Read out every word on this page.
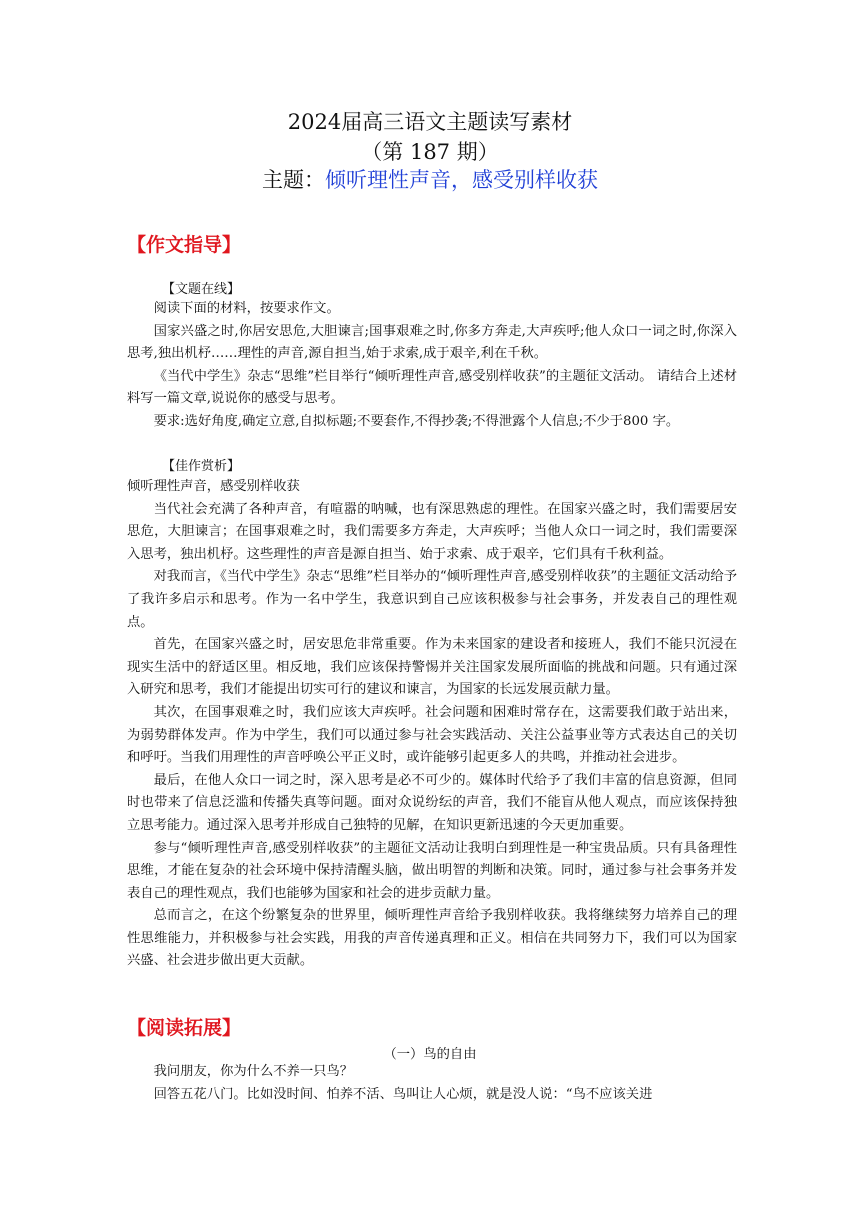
2024届高三语文主题读写素材
（第 187 期）
主题：倾听理性声音，感受别样收获
【作文指导】
【文题在线】

阅读下面的材料，按要求作文。

国家兴盛之时,你居安思危,大胆谏言;国事艰难之时,你多方奔走,大声疾呼;他人众口一词之时,你深入思考,独出机杼……理性的声音,源自担当,始于求索,成于艰辛,利在千秋。

《当代中学生》杂志“思维”栏目举行“倾听理性声音,感受别样收获”的主题征文活动。 请结合上述材料写一篇文章,说说你的感受与思考。

要求:选好角度,确定立意,自拟标题;不要套作,不得抄袭;不得泄露个人信息;不少于800 字。

【佳作赏析】

倾听理性声音，感受别样收获

当代社会充满了各种声音，有喧嚣的呐喊，也有深思熟虑的理性。在国家兴盛之时，我们需要居安思危，大胆谏言；在国事艰难之时，我们需要多方奔走，大声疾呼；当他人众口一词之时，我们需要深入思考，独出机杼。这些理性的声音是源自担当、始于求索、成于艰辛，它们具有千秋利益。

对我而言，《当代中学生》杂志“思维”栏目举办的“倾听理性声音,感受别样收获”的主题征文活动给予了我许多启示和思考。作为一名中学生，我意识到自己应该积极参与社会事务，并发表自己的理性观点。

首先，在国家兴盛之时，居安思危非常重要。作为未来国家的建设者和接班人，我们不能只沉浸在现实生活中的舒适区里。相反地，我们应该保持警惕并关注国家发展所面临的挑战和问题。只有通过深入研究和思考，我们才能提出切实可行的建议和谏言，为国家的长远发展贡献力量。

其次，在国事艰难之时，我们应该大声疾呼。社会问题和困难时常存在，这需要我们敢于站出来，为弱势群体发声。作为中学生，我们可以通过参与社会实践活动、关注公益事业等方式表达自己的关切和呼吁。当我们用理性的声音呼唤公平正义时，或许能够引起更多人的共鸣，并推动社会进步。

最后，在他人众口一词之时，深入思考是必不可少的。媒体时代给予了我们丰富的信息资源，但同时也带来了信息泛滥和传播失真等问题。面对众说纷纭的声音，我们不能盲从他人观点，而应该保持独立思考能力。通过深入思考并形成自己独特的见解，在知识更新迅速的今天更加重要。

参与“倾听理性声音,感受别样收获”的主题征文活动让我明白到理性是一种宝贵品质。只有具备理性思维，才能在复杂的社会环境中保持清醒头脑，做出明智的判断和决策。同时，通过参与社会事务并发表自己的理性观点，我们也能够为国家和社会的进步贡献力量。

总而言之，在这个纷繁复杂的世界里，倾听理性声音给予我别样收获。我将继续努力培养自己的理性思维能力，并积极参与社会实践，用我的声音传递真理和正义。相信在共同努力下，我们可以为国家兴盛、社会进步做出更大贡献。

【阅读拓展】
（一）鸟的自由

我问朋友，你为什么不养一只鸟？

回答五花八门。比如没时间、怕养不活、鸟叫让人心烦，就是没人说：“鸟不应该关进
